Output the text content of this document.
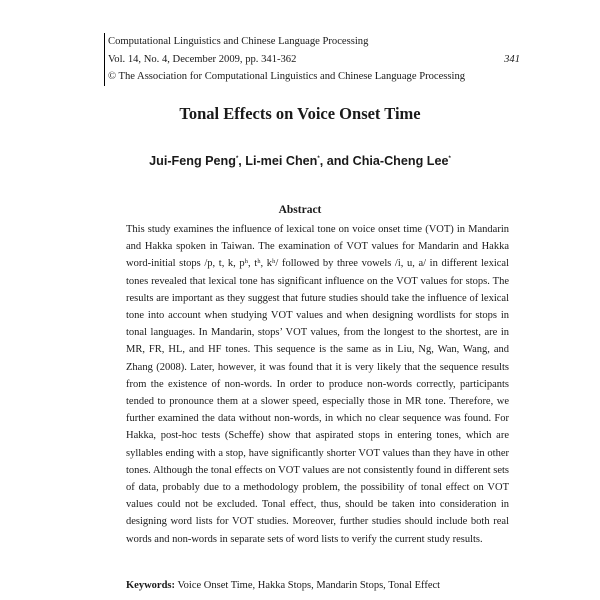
Computational Linguistics and Chinese Language Processing
Vol. 14, No. 4, December 2009, pp. 341-362	341
© The Association for Computational Linguistics and Chinese Language Processing
Tonal Effects on Voice Onset Time
Jui-Feng Peng*, Li-mei Chen*, and Chia-Cheng Lee*
Abstract

This study examines the influence of lexical tone on voice onset time (VOT) in Mandarin and Hakka spoken in Taiwan. The examination of VOT values for Mandarin and Hakka word-initial stops /p, t, k, pʰ, tʰ, kʰ/ followed by three vowels /i, u, a/ in different lexical tones revealed that lexical tone has significant influence on the VOT values for stops. The results are important as they suggest that future studies should take the influence of lexical tone into account when studying VOT values and when designing wordlists for stops in tonal languages. In Mandarin, stops’ VOT values, from the longest to the shortest, are in MR, FR, HL, and HF tones. This sequence is the same as in Liu, Ng, Wan, Wang, and Zhang (2008). Later, however, it was found that it is very likely that the sequence results from the existence of non-words. In order to produce non-words correctly, participants tended to pronounce them at a slower speed, especially those in MR tone. Therefore, we further examined the data without non-words, in which no clear sequence was found. For Hakka, post-hoc tests (Scheffe) show that aspirated stops in entering tones, which are syllables ending with a stop, have significantly shorter VOT values than they have in other tones. Although the tonal effects on VOT values are not consistently found in different sets of data, probably due to a methodology problem, the possibility of tonal effect on VOT values could not be excluded. Tonal effect, thus, should be taken into consideration in designing word lists for VOT studies. Moreover, further studies should include both real words and non-words in separate sets of word lists to verify the current study results.

Keywords: Voice Onset Time, Hakka Stops, Mandarin Stops, Tonal Effect
